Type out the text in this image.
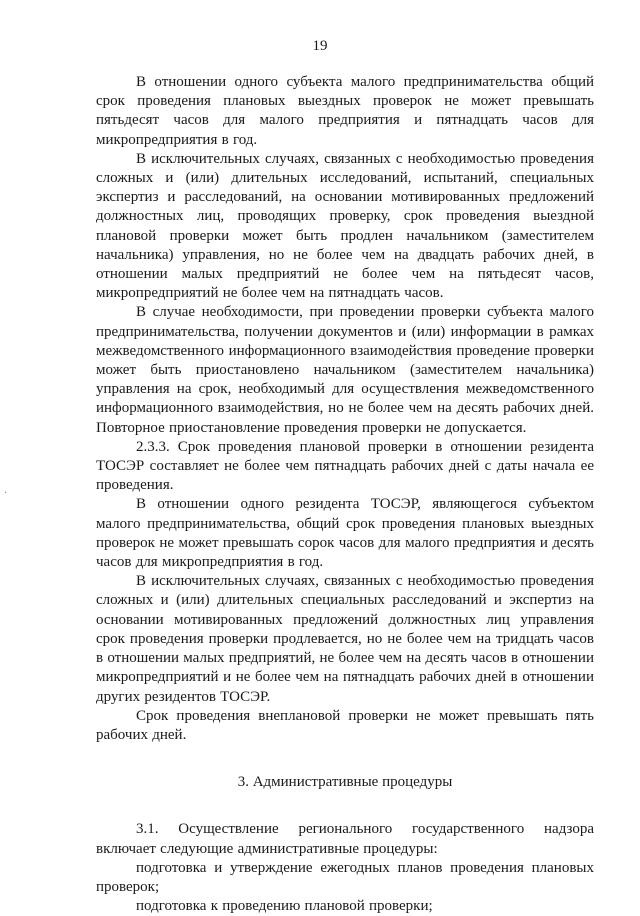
19
·

В отношении одного субъекта малого предпринимательства общий срок проведения плановых выездных проверок не может превышать пятьдесят часов для малого предприятия и пятнадцать часов для микропредприятия в год.

В исключительных случаях, связанных с необходимостью проведения сложных и (или) длительных исследований, испытаний, специальных экспертиз и расследований, на основании мотивированных предложений должностных лиц, проводящих проверку, срок проведения выездной плановой проверки может быть продлен начальником (заместителем начальника) управления, но не более чем на двадцать рабочих дней, в отношении малых предприятий не более чем на пятьдесят часов, микропредприятий не более чем на пятнадцать часов.

В случае необходимости, при проведении проверки субъекта малого предпринимательства, получении документов и (или) информации в рамках межведомственного информационного взаимодействия проведение проверки может быть приостановлено начальником (заместителем начальника) управления на срок, необходимый для осуществления межведомственного информационного взаимодействия, но не более чем на десять рабочих дней. Повторное приостановление проведения проверки не допускается.

2.3.3. Срок проведения плановой проверки в отношении резидента ТОСЭР составляет не более чем пятнадцать рабочих дней с даты начала ее проведения.

В отношении одного резидента ТОСЭР, являющегося субъектом малого предпринимательства, общий срок проведения плановых выездных проверок не может превышать сорок часов для малого предприятия и десять часов для микропредприятия в год.

В исключительных случаях, связанных с необходимостью проведения сложных и (или) длительных специальных расследований и экспертиз на основании мотивированных предложений должностных лиц управления срок проведения проверки продлевается, но не более чем на тридцать часов в отношении малых предприятий, не более чем на десять часов в отношении микропредприятий и не более чем на пятнадцать рабочих дней в отношении других резидентов ТОСЭР.

Срок проведения внеплановой проверки не может превышать пять рабочих дней.

3. Административные процедуры

3.1. Осуществление регионального государственного надзора включает следующие административные процедуры:

подготовка и утверждение ежегодных планов проведения плановых проверок;

подготовка к проведению плановой проверки;
